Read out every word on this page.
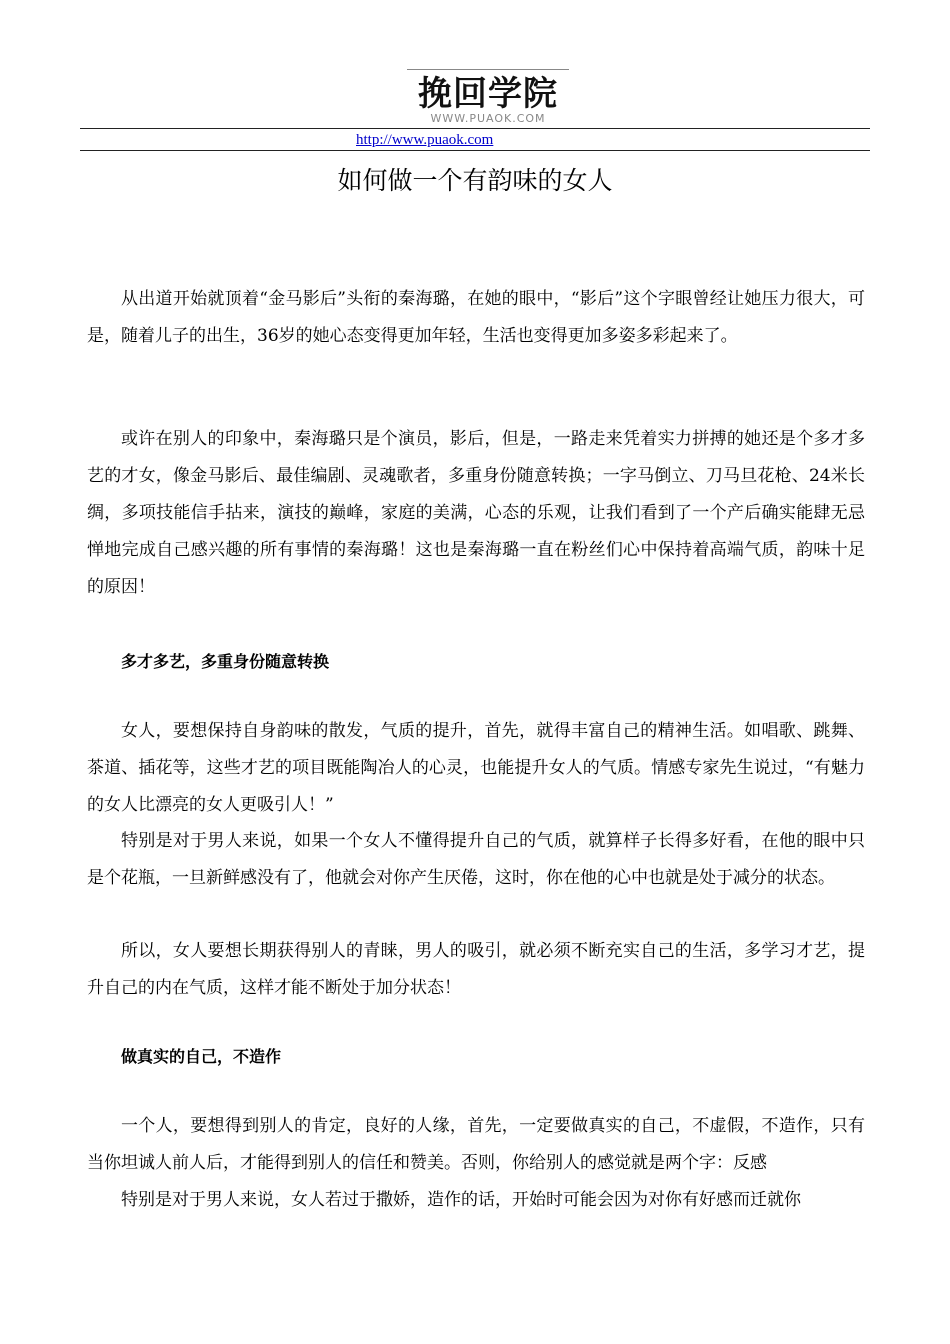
挽回学院
WWW.PUAOK.COM
http://www.puaok.com
如何做一个有韵味的女人

从出道开始就顶着“金马影后”头衔的秦海璐，在她的眼中，“影后”这个字眼曾经让她压力很大，可是，随着儿子的出生，36岁的她心态变得更加年轻，生活也变得更加多姿多彩起来了。

或许在别人的印象中，秦海璐只是个演员，影后，但是，一路走来凭着实力拼搏的她还是个多才多艺的才女，像金马影后、最佳编剧、灵魂歌者，多重身份随意转换；一字马倒立、刀马旦花枪、24米长绸，多项技能信手拈来，演技的巅峰，家庭的美满，心态的乐观，让我们看到了一个产后确实能肆无忌惮地完成自己感兴趣的所有事情的秦海璐！这也是秦海璐一直在粉丝们心中保持着高端气质，韵味十足的原因！

多才多艺，多重身份随意转换

女人，要想保持自身韵味的散发，气质的提升，首先，就得丰富自己的精神生活。如唱歌、跳舞、茶道、插花等，这些才艺的项目既能陶冶人的心灵，也能提升女人的气质。情感专家先生说过，“有魅力的女人比漂亮的女人更吸引人！”

特别是对于男人来说，如果一个女人不懂得提升自己的气质，就算样子长得多好看，在他的眼中只是个花瓶，一旦新鲜感没有了，他就会对你产生厌倦，这时，你在他的心中也就是处于减分的状态。

所以，女人要想长期获得别人的青睐，男人的吸引，就必须不断充实自己的生活，多学习才艺，提升自己的内在气质，这样才能不断处于加分状态！

做真实的自己，不造作

一个人，要想得到别人的肯定，良好的人缘，首先，一定要做真实的自己，不虚假，不造作，只有当你坦诚人前人后，才能得到别人的信任和赞美。否则，你给别人的感觉就是两个字：反感

特别是对于男人来说，女人若过于撒娇，造作的话，开始时可能会因为对你有好感而迁就你
